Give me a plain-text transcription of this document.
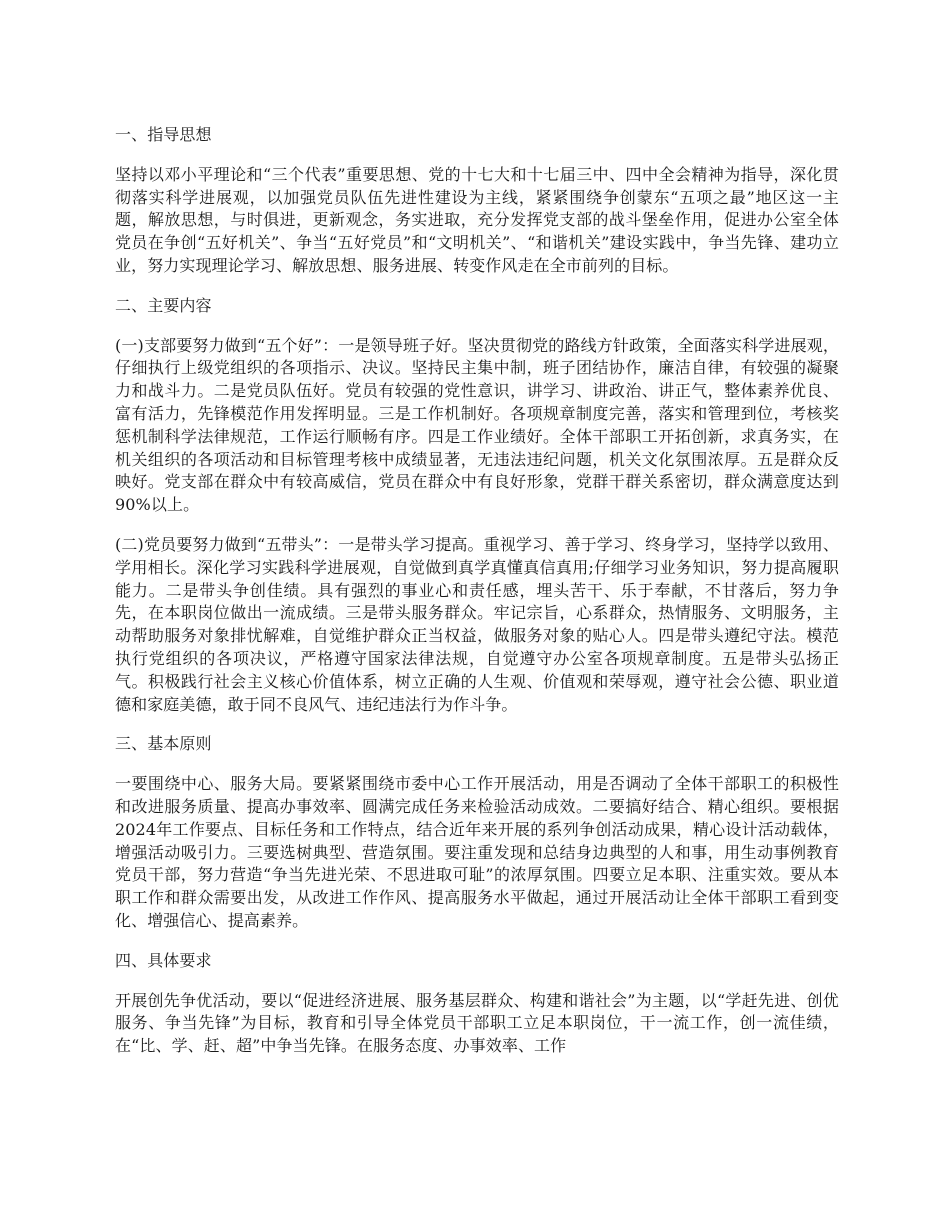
一、指导思想

坚持以邓小平理论和“三个代表”重要思想、党的十七大和十七届三中、四中全会精神为指导，深化贯彻落实科学进展观，以加强党员队伍先进性建设为主线，紧紧围绕争创蒙东“五项之最”地区这一主题，解放思想，与时俱进，更新观念，务实进取，充分发挥党支部的战斗堡垒作用，促进办公室全体党员在争创“五好机关”、争当“五好党员”和“文明机关”、“和谐机关”建设实践中，争当先锋、建功立业，努力实现理论学习、解放思想、服务进展、转变作风走在全市前列的目标。

二、主要内容

(一)支部要努力做到“五个好”：一是领导班子好。坚决贯彻党的路线方针政策，全面落实科学进展观，仔细执行上级党组织的各项指示、决议。坚持民主集中制，班子团结协作，廉洁自律，有较强的凝聚力和战斗力。二是党员队伍好。党员有较强的党性意识，讲学习、讲政治、讲正气，整体素养优良、富有活力，先锋模范作用发挥明显。三是工作机制好。各项规章制度完善，落实和管理到位，考核奖惩机制科学法律规范，工作运行顺畅有序。四是工作业绩好。全体干部职工开拓创新，求真务实，在机关组织的各项活动和目标管理考核中成绩显著，无违法违纪问题，机关文化氛围浓厚。五是群众反映好。党支部在群众中有较高威信，党员在群众中有良好形象，党群干群关系密切，群众满意度达到90%以上。

(二)党员要努力做到“五带头”：一是带头学习提高。重视学习、善于学习、终身学习，坚持学以致用、学用相长。深化学习实践科学进展观，自觉做到真学真懂真信真用;仔细学习业务知识，努力提高履职能力。二是带头争创佳绩。具有强烈的事业心和责任感，埋头苦干、乐于奉献，不甘落后，努力争先，在本职岗位做出一流成绩。三是带头服务群众。牢记宗旨，心系群众，热情服务、文明服务，主动帮助服务对象排忧解难，自觉维护群众正当权益，做服务对象的贴心人。四是带头遵纪守法。模范执行党组织的各项决议，严格遵守国家法律法规，自觉遵守办公室各项规章制度。五是带头弘扬正气。积极践行社会主义核心价值体系，树立正确的人生观、价值观和荣辱观，遵守社会公德、职业道德和家庭美德，敢于同不良风气、违纪违法行为作斗争。

三、基本原则

一要围绕中心、服务大局。要紧紧围绕市委中心工作开展活动，用是否调动了全体干部职工的积极性和改进服务质量、提高办事效率、圆满完成任务来检验活动成效。二要搞好结合、精心组织。要根据2024年工作要点、目标任务和工作特点，结合近年来开展的系列争创活动成果，精心设计活动载体，增强活动吸引力。三要选树典型、营造氛围。要注重发现和总结身边典型的人和事，用生动事例教育党员干部，努力营造“争当先进光荣、不思进取可耻”的浓厚氛围。四要立足本职、注重实效。要从本职工作和群众需要出发，从改进工作作风、提高服务水平做起，通过开展活动让全体干部职工看到变化、增强信心、提高素养。

四、具体要求

开展创先争优活动，要以“促进经济进展、服务基层群众、构建和谐社会”为主题，以“学赶先进、创优服务、争当先锋”为目标，教育和引导全体党员干部职工立足本职岗位，干一流工作，创一流佳绩，在“比、学、赶、超”中争当先锋。在服务态度、办事效率、工作
